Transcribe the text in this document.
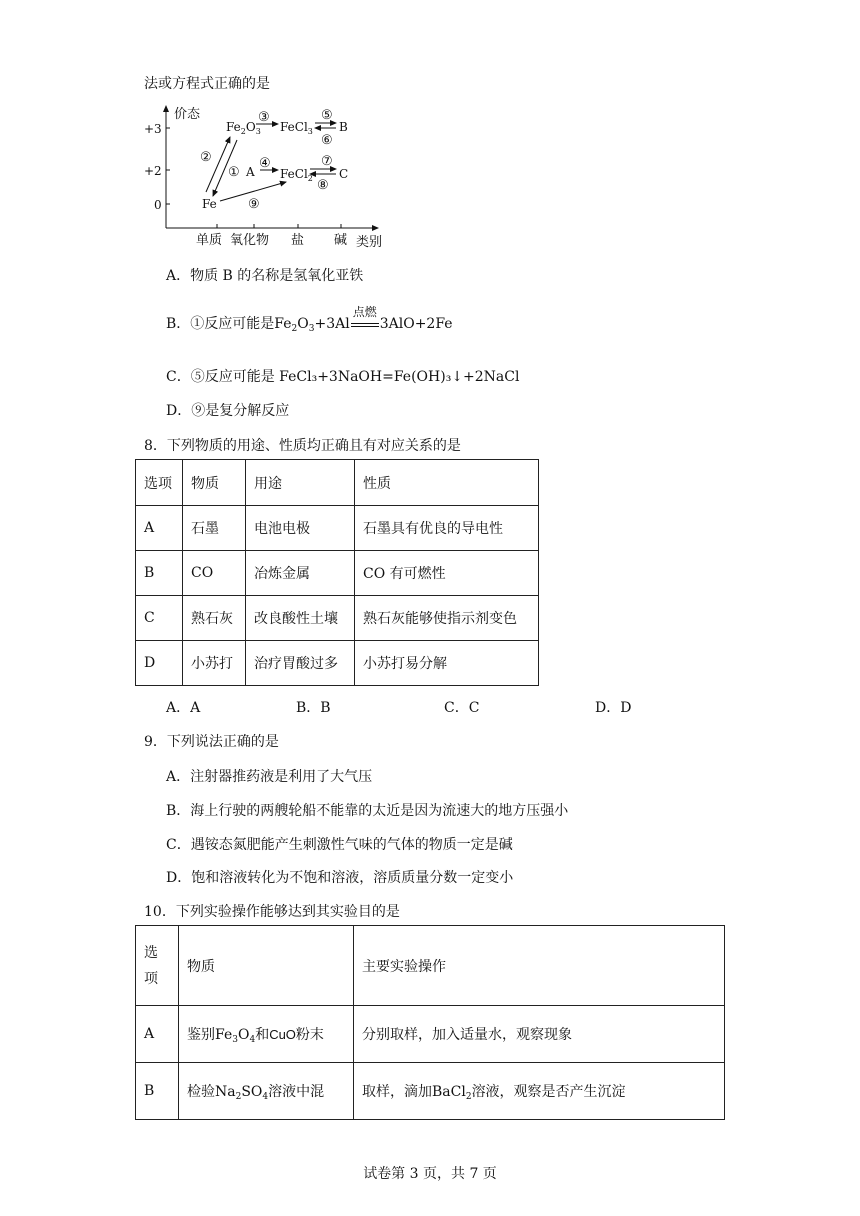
法或方程式正确的是
价态
+3
+2
0
单质 氧化物 盐 碱 类别
$Fe_2O_3$ FeCl$_3$ B
A FeCl$_2$ C
Fe
①
②
③
④
⑤
⑥
⑦
⑧
⑨
A．物质 B 的名称是氢氧化亚铁
B．①反应可能是$Fe_2O_3+3Al$
点燃
3AlO+2Fe
C．⑤反应可能是 FeCl₃+3NaOH=Fe(OH)₃↓+2NaCl
D．⑨是复分解反应
8．下列物质的用途、性质均正确且有对应关系的是
选项	物质	用途	性质
A	石墨	电池电极	石墨具有优良的导电性
B	CO	冶炼金属	CO 有可燃性
C	熟石灰	改良酸性土壤	熟石灰能够使指示剂变色
D	小苏打	治疗胃酸过多	小苏打易分解
A．A	B．B	C．C	D．D
9．下列说法正确的是
A．注射器推药液是利用了大气压
B．海上行驶的两艘轮船不能靠的太近是因为流速大的地方压强小
C．遇铵态氮肥能产生刺激性气味的气体的物质一定是碱
D．饱和溶液转化为不饱和溶液，溶质质量分数一定变小
10．下列实验操作能够达到其实验目的是
选
项	物质	主要实验操作
A	鉴别$Fe_3O_4$和CuO粉末	分别取样，加入适量水，观察现象
B	检验$Na_2SO_4$溶液中混	取样，滴加BaCl$_2$溶液，观察是否产生沉淀
试卷第 3 页，共 7 页
